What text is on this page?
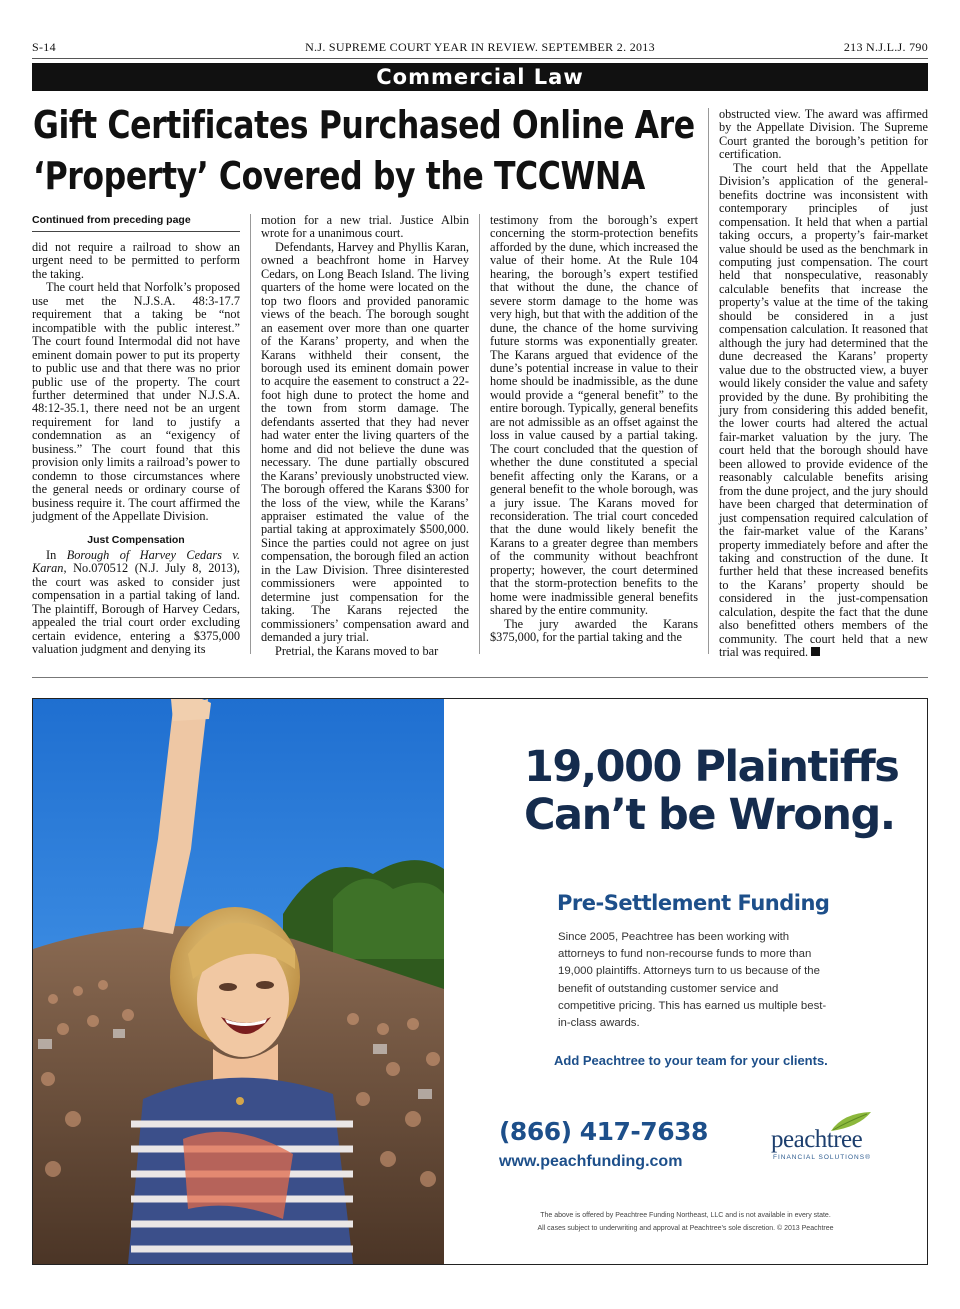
S-14	N.J. SUPREME COURT YEAR IN REVIEW. SEPTEMBER 2. 2013	213 N.J.L.J. 790
Commercial Law
Gift Certificates Purchased Online Are
‘Property’ Covered by the TCCWNA
Continued from preceding page

did not require a railroad to show an urgent need to be permitted to perform the taking.

The court held that Norfolk’s proposed use met the N.J.S.A. 48:3-17.7 requirement that a taking be “not incompatible with the public interest.” The court found Intermodal did not have eminent domain power to put its property to public use and that there was no prior public use of the property. The court further determined that under N.J.S.A. 48:12-35.1, there need not be an urgent requirement for land to justify a condemnation as an “exigency of business.” The court found that this provision only limits a railroad’s power to condemn to those circumstances where the general needs or ordinary course of business require it. The court affirmed the judgment of the Appellate Division.

Just Compensation

In Borough of Harvey Cedars v. Karan, No.070512 (N.J. July 8, 2013), the court was asked to consider just compensation in a partial taking of land. The plaintiff, Borough of Harvey Cedars, appealed the trial court order excluding certain evidence, entering a $375,000 valuation judgment and denying its

motion for a new trial. Justice Albin wrote for a unanimous court.

Defendants, Harvey and Phyllis Karan, owned a beachfront home in Harvey Cedars, on Long Beach Island. The living quarters of the home were located on the top two floors and provided panoramic views of the beach. The borough sought an easement over more than one quarter of the Karans’ property, and when the Karans withheld their consent, the borough used its eminent domain power to acquire the easement to construct a 22-foot high dune to protect the home and the town from storm damage. The defendants asserted that they had never had water enter the living quarters of the home and did not believe the dune was necessary. The dune partially obscured the Karans’ previously unobstructed view. The borough offered the Karans $300 for the loss of the view, while the Karans’ appraiser estimated the value of the partial taking at approximately $500,000. Since the parties could not agree on just compensation, the borough filed an action in the Law Division. Three disinterested commissioners were appointed to determine just compensation for the taking. The Karans rejected the commissioners’ compensation award and demanded a jury trial.

Pretrial, the Karans moved to bar

testimony from the borough’s expert concerning the storm-protection benefits afforded by the dune, which increased the value of their home. At the Rule 104 hearing, the borough’s expert testified that without the dune, the chance of severe storm damage to the home was very high, but that with the addition of the dune, the chance of the home surviving future storms was exponentially greater. The Karans argued that evidence of the dune’s potential increase in value to their home should be inadmissible, as the dune would provide a “general benefit” to the entire borough. Typically, general benefits are not admissible as an offset against the loss in value caused by a partial taking. The court concluded that the question of whether the dune constituted a special benefit affecting only the Karans, or a general benefit to the whole borough, was a jury issue. The Karans moved for reconsideration. The trial court conceded that the dune would likely benefit the Karans to a greater degree than members of the community without beachfront property; however, the court determined that the storm-protection benefits to the home were inadmissible general benefits shared by the entire community.

The jury awarded the Karans $375,000, for the partial taking and the

obstructed view. The award was affirmed by the Appellate Division. The Supreme Court granted the borough’s petition for certification.

The court held that the Appellate Division’s application of the general-benefits doctrine was inconsistent with contemporary principles of just compensation. It held that when a partial taking occurs, a property’s fair-market value should be used as the benchmark in computing just compensation. The court held that nonspeculative, reasonably calculable benefits that increase the property’s value at the time of the taking should be considered in a just compensation calculation. It reasoned that although the jury had determined that the dune decreased the Karans’ property value due to the obstructed view, a buyer would likely consider the value and safety provided by the dune. By prohibiting the jury from considering this added benefit, the lower courts had altered the actual fair-market valuation by the jury. The court held that the borough should have been allowed to provide evidence of the reasonably calculable benefits arising from the dune project, and the jury should have been charged that determination of just compensation required calculation of the fair-market value of the Karans’ property immediately before and after the taking and construction of the dune. It further held that these increased benefits to the Karans’ property should be considered in the just-compensation calculation, despite the fact that the dune also benefitted others members of the community. The court held that a new trial was required.

19,000 Plaintiffs
Can’t be Wrong.
Pre-Settlement Funding
Since 2005, Peachtree has been working with attorneys to fund non-recourse funds to more than 19,000 plaintiffs. Attorneys turn to us because of the benefit of outstanding customer service and competitive pricing. This has earned us multiple best-in-class awards.
Add Peachtree to your team for your clients.
(866) 417-7638
www.peachfunding.com
peachtree
FINANCIAL SOLUTIONS®
The above is offered by Peachtree Funding Northeast, LLC and is not available in every state.
All cases subject to underwriting and approval at Peachtree’s sole discretion. © 2013 Peachtree
